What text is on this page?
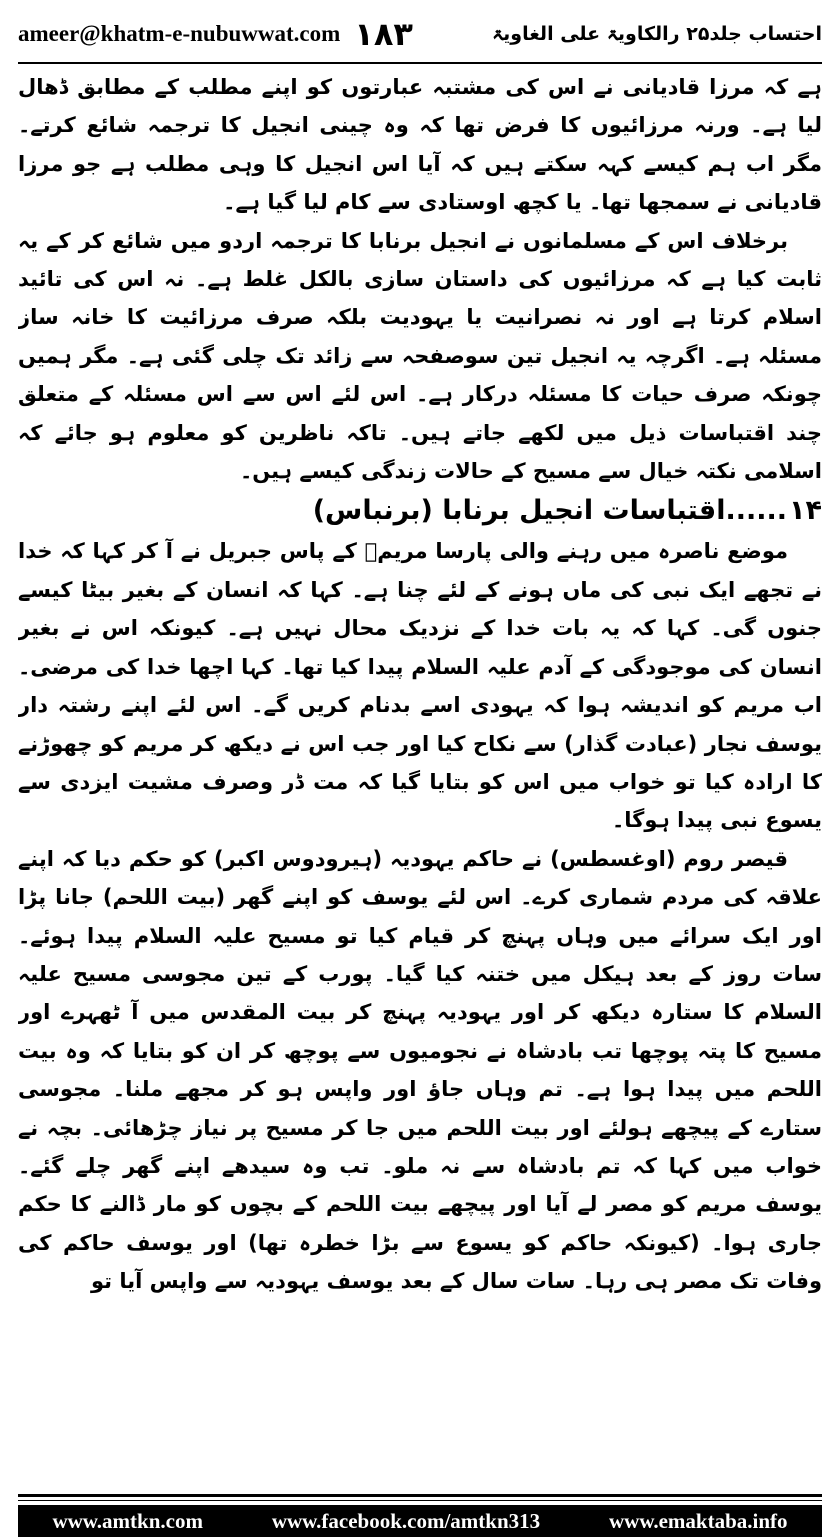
ameer@khatm-e-nubuwwat.com ۱۸۳	احتساب جلد۲۵ رالکاویۃ علی الغاویۃ

ہے کہ مرزا قادیانی نے اس کی مشتبہ عبارتوں کو اپنے مطلب کے مطابق ڈھال لیا ہے۔ ورنہ مرزائیوں کا فرض تھا کہ وہ چینی انجیل کا ترجمہ شائع کرتے۔ مگر اب ہم کیسے کہہ سکتے ہیں کہ آیا اس انجیل کا وہی مطلب ہے جو مرزا قادیانی نے سمجھا تھا۔ یا کچھ اوستادی سے کام لیا گیا ہے۔

برخلاف اس کے مسلمانوں نے انجیل برنابا کا ترجمہ اردو میں شائع کر کے یہ ثابت کیا ہے کہ مرزائیوں کی داستان سازی بالکل غلط ہے۔ نہ اس کی تائید اسلام کرتا ہے اور نہ نصرانیت یا یہودیت بلکہ صرف مرزائیت کا خانہ ساز مسئلہ ہے۔ اگرچہ یہ انجیل تین سوصفحہ سے زائد تک چلی گئی ہے۔ مگر ہمیں چونکہ صرف حیات کا مسئلہ درکار ہے۔ اس لئے اس سے اس مسئلہ کے متعلق چند اقتباسات ذیل میں لکھے جاتے ہیں۔ تاکہ ناظرین کو معلوم ہو جائے کہ اسلامی نکتہ خیال سے مسیح کے حالات زندگی کیسے ہیں۔

۱۴......اقتباسات انجیل برنابا (برنباس)

موضع ناصرہ میں رہنے والی پارسا مریمؑ کے پاس جبریل نے آ کر کہا کہ خدا نے تجھے ایک نبی کی ماں ہونے کے لئے چنا ہے۔ کہا کہ انسان کے بغیر بیٹا کیسے جنوں گی۔ کہا کہ یہ بات خدا کے نزدیک محال نہیں ہے۔ کیونکہ اس نے بغیر انسان کی موجودگی کے آدم علیہ السلام پیدا کیا تھا۔ کہا اچھا خدا کی مرضی۔ اب مریم کو اندیشہ ہوا کہ یہودی اسے بدنام کریں گے۔ اس لئے اپنے رشتہ دار یوسف نجار (عبادت گذار) سے نکاح کیا اور جب اس نے دیکھ کر مریم کو چھوڑنے کا ارادہ کیا تو خواب میں اس کو بتایا گیا کہ مت ڈر وصرف مشیت ایزدی سے یسوع نبی پیدا ہوگا۔

قیصر روم (اوغسطس) نے حاکم یہودیہ (ہیرودوس اکبر) کو حکم دیا کہ اپنے علاقہ کی مردم شماری کرے۔ اس لئے یوسف کو اپنے گھر (بیت اللحم) جانا پڑا اور ایک سرائے میں وہاں پہنچ کر قیام کیا تو مسیح علیہ السلام پیدا ہوئے۔ سات روز کے بعد ہیکل میں ختنہ کیا گیا۔ پورب کے تین مجوسی مسیح علیہ السلام کا ستارہ دیکھ کر اور یہودیہ پہنچ کر بیت المقدس میں آ ٹھہرے اور مسیح کا پتہ پوچھا تب بادشاہ نے نجومیوں سے پوچھ کر ان کو بتایا کہ وہ بیت اللحم میں پیدا ہوا ہے۔ تم وہاں جاؤ اور واپس ہو کر مجھے ملنا۔ مجوسی ستارے کے پیچھے ہولئے اور بیت اللحم میں جا کر مسیح پر نیاز چڑھائی۔ بچہ نے خواب میں کہا کہ تم بادشاہ سے نہ ملو۔ تب وہ سیدھے اپنے گھر چلے گئے۔ یوسف مریم کو مصر لے آیا اور پیچھے بیت اللحم کے بچوں کو مار ڈالنے کا حکم جاری ہوا۔ (کیونکہ حاکم کو یسوع سے بڑا خطرہ تھا) اور یوسف حاکم کی وفات تک مصر ہی رہا۔ سات سال کے بعد یوسف یہودیہ سے واپس آیا تو

www.amtkn.com	www.facebook.com/amtkn313	www.emaktaba.info
